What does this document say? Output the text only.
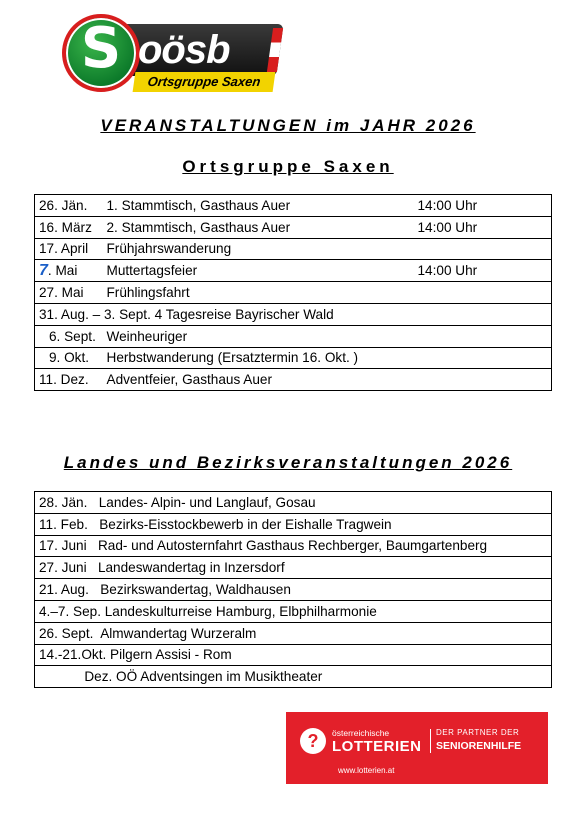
S oösb
Ortsgruppe Saxen
VERANSTALTUNGEN im JAHR 2026
Ortsgruppe Saxen
26. Jän.	1. Stammtisch, Gasthaus Auer	14:00 Uhr
16. März	2. Stammtisch, Gasthaus Auer	14:00 Uhr
17. April	Frühjahrswanderung	
7. Mai	Muttertagsfeier	14:00 Uhr
27. Mai	Frühlingsfahrt	
31. Aug. – 3. Sept. 4 Tagesreise Bayrischer Wald		
6. Sept.	Weinheuriger	
9. Okt.	Herbstwanderung (Ersatztermin 16. Okt. )	
11. Dez.	Adventfeier, Gasthaus Auer	
Landes und Bezirksveranstaltungen 2026
28. Jän.   Landes- Alpin- und Langlauf, Gosau
11. Feb.   Bezirks-Eisstockbewerb in der Eishalle Tragwein
17. Juni   Rad- und Autosternfahrt Gasthaus Rechberger, Baumgartenberg
27. Juni   Landeswandertag in Inzersdorf
21. Aug.   Bezirkswandertag, Waldhausen
4.–7. Sep. Landeskulturreise Hamburg, Elbphilharmonie
26. Sept.  Almwandertag Wurzeralm
14.-21.Okt. Pilgern Assisi - Rom
Dez. OÖ Adventsingen im Musiktheater
?	österreichische
LOTTERIEN
DER PARTNER DER
SENIORENHILFE
www.lotterien.at
